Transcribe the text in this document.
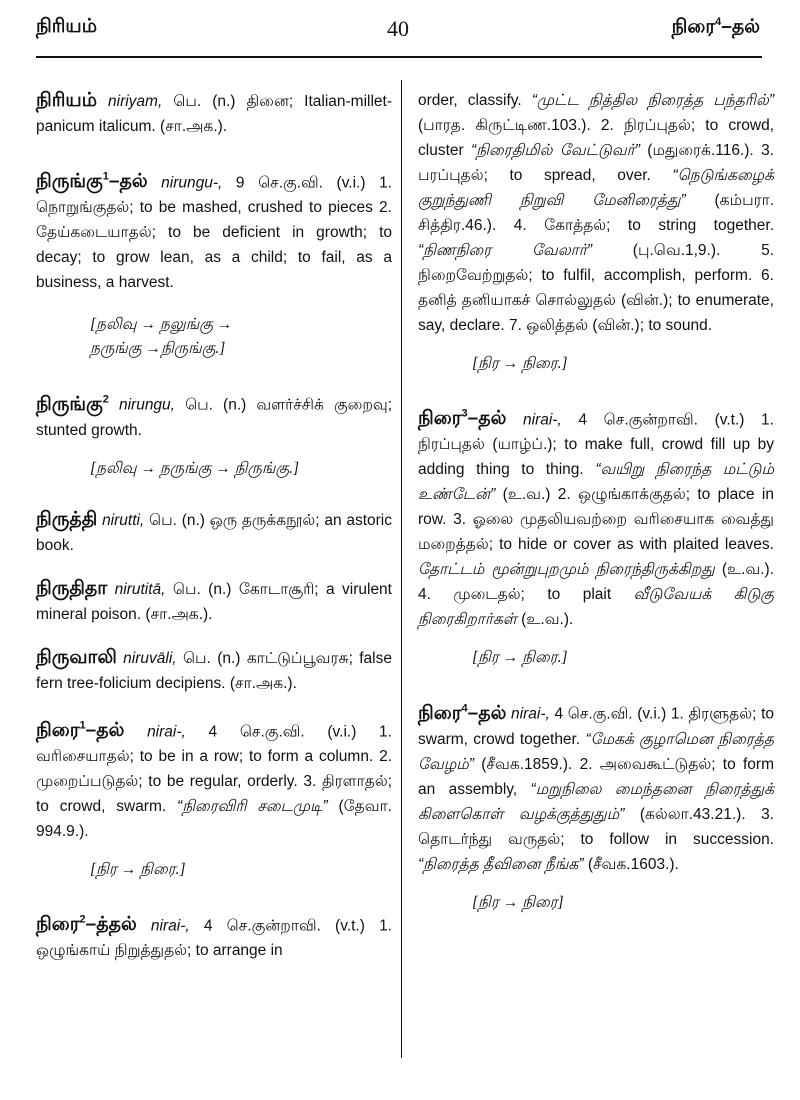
நிரியம்	40	நிரை$^4$–தல்
நிரியம் niriyam, பெ. (n.) தினை; Italian-millet-panicum italicum. (சா.அக.).
நிருங்கு$^1$–தல் nirungu-, 9 செ.கு.வி. (v.i.) 1. நொறுங்குதல்; to be mashed, crushed to pieces 2. தேய்கடையாதல்; to be deficient in growth; to decay; to grow lean, as a child; to fail, as a business, a harvest.
[நலிவு → நலுங்கு →
நருங்கு →நிருங்கு.]
நிருங்கு$^2$ nirungu, பெ. (n.) வளர்ச்சிக் குறைவு; stunted growth.
[நலிவு → நருங்கு → நிருங்கு.]
நிருத்தி nirutti, பெ. (n.) ஒரு தருக்கநூல்; an astoric book.
நிருதிதா nirutitā, பெ. (n.) கோடாசூரி; a virulent mineral poison. (சா.அக.).
நிருவாலி niruvāli, பெ. (n.) காட்டுப்பூவரசு; false fern tree-folicium decipiens. (சா.அக.).
நிரை$^1$–தல் nirai-, 4 செ.கு.வி. (v.i.) 1. வரிசையாதல்; to be in a row; to form a column. 2. முறைப்படுதல்; to be regular, orderly. 3. திரளாதல்; to crowd, swarm. “நிரைவிரி சடைமுடி” (தேவா. 994.9.).
[நிர → நிரை.]
நிரை$^2$–த்தல் nirai-, 4 செ.குன்றாவி. (v.t.) 1. ஒழுங்காய் நிறுத்துதல்; to arrange in
order, classify. “முட்ட நித்தில நிரைத்த பந்தரில்” (பாரத. கிருட்டிண.103.). 2. நிரப்புதல்; to crowd, cluster “நிரைதிமில் வேட்டுவர்” (மதுரைக்.116.). 3. பரப்புதல்; to spread, over. “நெடுங்கழைக் குறுந்துணி நிறுவி மேனிரைத்து” (கம்பரா. சித்திர.46.). 4. கோத்தல்; to string together. “நிணநிரை வேலார்”	(பு.வெ.1,9.). 5. நிறைவேற்றுதல்; to fulfil, accomplish, perform. 6. தனித் தனியாகச் சொல்லுதல் (வின்.); to enumerate, say, declare. 7. ஒலித்தல் (வின்.); to sound.
[நிர → நிரை.]
நிரை$^3$–தல் nirai-, 4 செ.குன்றாவி. (v.t.) 1. நிரப்புதல் (யாழ்ப்.); to make full, crowd fill up by adding thing to thing. “வயிறு நிரைந்த மட்டும் உண்டேன்” (உ.வ.) 2. ஒழுங்காக்குதல்; to place in row. 3. ஓலை முதலியவற்றை வரிசையாக வைத்து மறைத்தல்; to hide or cover as with plaited leaves. தோட்டம் மூன்றுபுறமும் நிரைந்திருக்கிறது (உ.வ.). 4. முடைதல்; to plait வீடுவேயக் கிடுகு நிரைகிறார்கள் (உ.வ.).
[நிர → நிரை.]
நிரை$^4$–தல் nirai-, 4 செ.கு.வி. (v.i.) 1. திரளுதல்; to swarm, crowd together. “மேகக் குழாமென நிரைத்த வேழம்” (சீவக.1859.). 2. அவைகூட்டுதல்; to form an assembly, “மறுநிலை மைந்தனை நிரைத்துக் கிளைகொள் வழக்குத்துதும்” (கல்லா.43.21.). 3. தொடர்ந்து வருதல்; to follow in succession. “நிரைத்த தீவினை நீங்க” (சீவக.1603.).
[நிர → நிரை]
